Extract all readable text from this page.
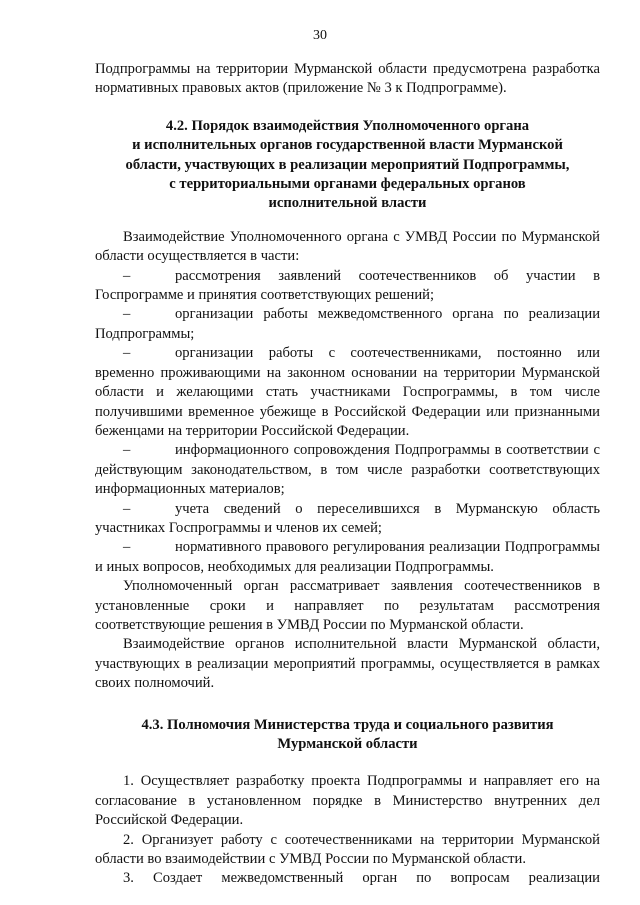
30

Подпрограммы на территории Мурманской области предусмотрена разработка нормативных правовых актов (приложение № 3 к Подпрограмме).

4.2. Порядок взаимодействия Уполномоченного органа
и исполнительных органов государственной власти Мурманской
области, участвующих в реализации мероприятий Подпрограммы,
с территориальными органами федеральных органов
исполнительной власти

Взаимодействие Уполномоченного органа с УМВД России по Мурманской области осуществляется в части:

–	рассмотрения заявлений соотечественников об участии в Госпрограмме и принятия соответствующих решений;

–	организации работы межведомственного органа по реализации Подпрограммы;

–	организации работы с соотечественниками, постоянно или временно проживающими на законном основании на территории Мурманской области и желающими стать участниками Госпрограммы, в том числе получившими временное убежище в Российской Федерации или признанными беженцами на территории Российской Федерации.

–	информационного сопровождения Подпрограммы в соответствии с действующим законодательством, в том числе разработки соответствующих информационных материалов;

–	учета сведений о переселившихся в Мурманскую область участниках Госпрограммы и членов их семей;

–	нормативного правового регулирования реализации Подпрограммы и иных вопросов, необходимых для реализации Подпрограммы.

Уполномоченный орган рассматривает заявления соотечественников в установленные сроки и направляет по результатам рассмотрения соответствующие решения в УМВД России по Мурманской области.

Взаимодействие органов исполнительной власти Мурманской области, участвующих в реализации мероприятий программы, осуществляется в рамках своих полномочий.

4.3. Полномочия Министерства труда и социального развития
Мурманской области

1. Осуществляет разработку проекта Подпрограммы и направляет его на согласование в установленном порядке в Министерство внутренних дел Российской Федерации.

2. Организует работу с соотечественниками на территории Мурманской области во взаимодействии с УМВД России по Мурманской области.

3. Создает межведомственный орган по вопросам реализации
